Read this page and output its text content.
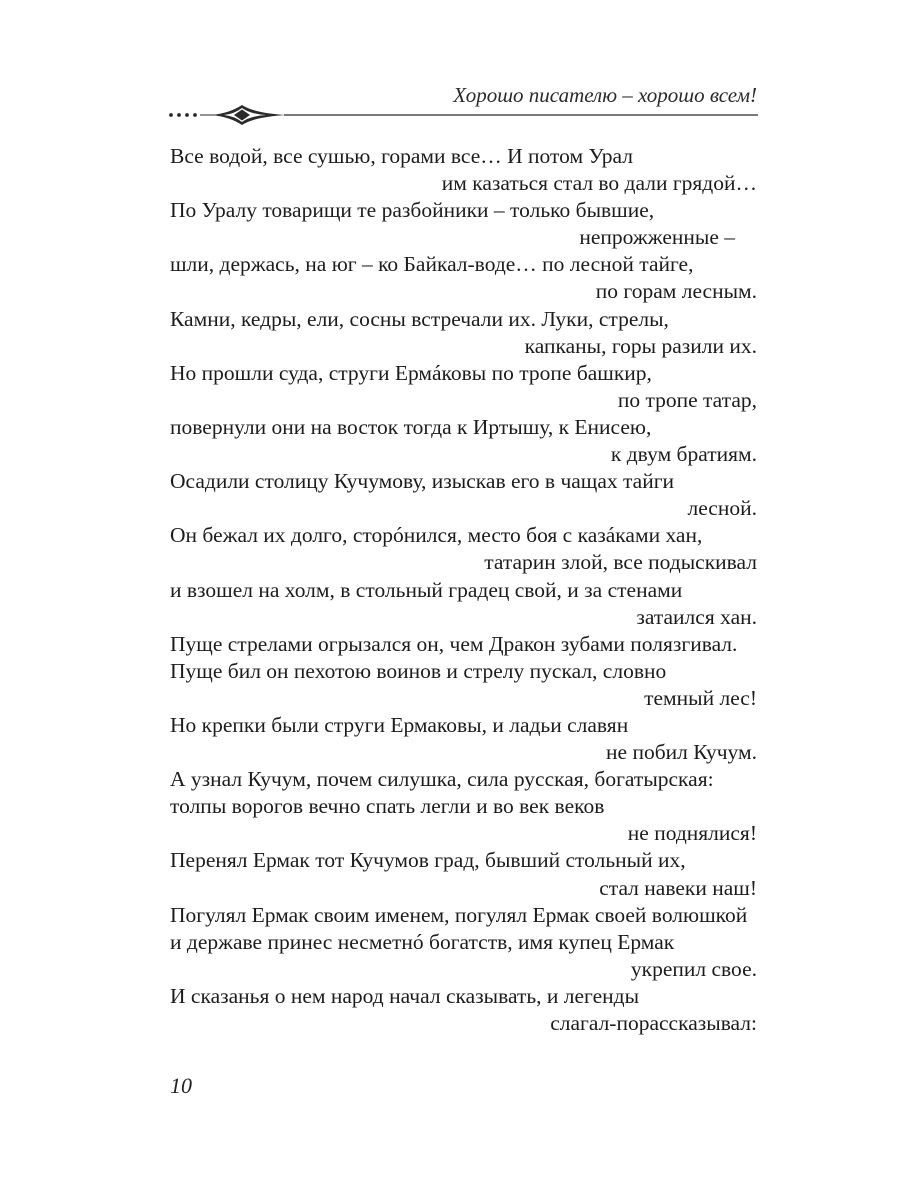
Хорошо писателю – хорошо всем!
Все водой, все сушью, горами все… И потом Урал
им казаться стал во дали грядой…
По Уралу товарищи те разбойники – только бывшие,
непрожженные –
шли, держась, на юг – ко Байкал-воде… по лесной тайге,
по горам лесным.
Камни, кедры, ели, сосны встречали их. Луки, стрелы,
капканы, горы разили их.
Но прошли суда, струги Ермáковы по тропе башкир,
по тропе татар,
повернули они на восток тогда к Иртышу, к Енисею,
к двум братиям.
Осадили столицу Кучумову, изыскав его в чащах тайги
лесной.
Он бежал их долго, сторóнился, место боя с казáками хан,
татарин злой, все подыскивал
и взошел на холм, в стольный градец свой, и за стенами
затаился хан.
Пуще стрелами огрызался он, чем Дракон зубами полязгивал.
Пуще бил он пехотою воинов и стрелу пускал, словно
темный лес!
Но крепки были струги Ермаковы, и ладьи славян
не побил Кучум.
А узнал Кучум, почем силушка, сила русская, богатырская:
толпы ворогов вечно спать легли и во век веков
не поднялися!
Перенял Ермак тот Кучумов град, бывший стольный их,
стал навеки наш!
Погулял Ермак своим именем, погулял Ермак своей волюшкой
и державе принес несметнó богатств, имя купец Ермак
укрепил свое.
И сказанья о нем народ начал сказывать, и легенды
слагал-порассказывал:
10
